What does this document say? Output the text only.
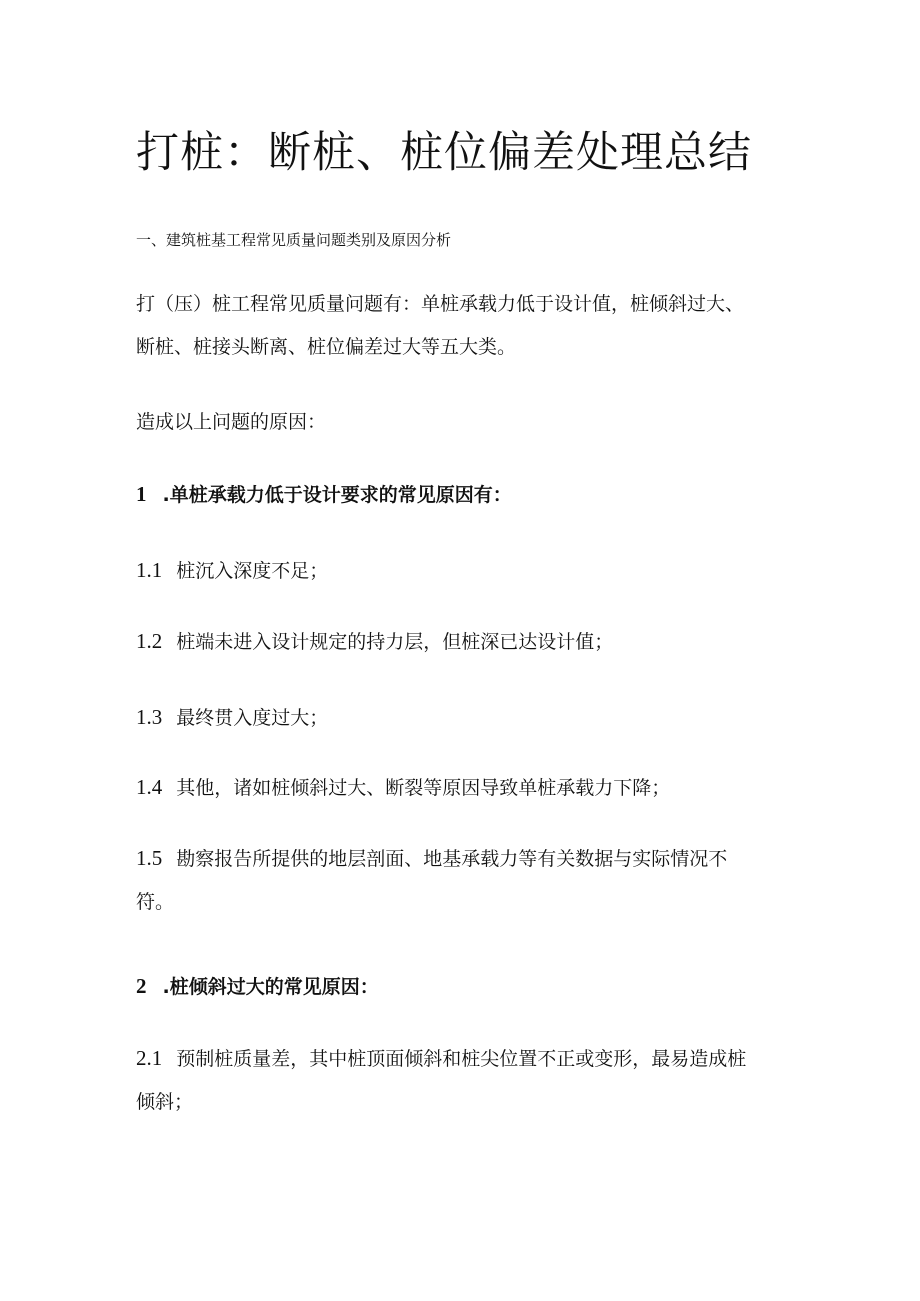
打桩：断桩、桩位偏差处理总结
一、建筑桩基工程常见质量问题类别及原因分析
打（压）桩工程常见质量问题有：单桩承载力低于设计值，桩倾斜过大、
断桩、桩接头断离、桩位偏差过大等五大类。
造成以上问题的原因：
1 .单桩承载力低于设计要求的常见原因有：
1.1 桩沉入深度不足；
1.2 桩端未进入设计规定的持力层，但桩深已达设计值；
1.3 最终贯入度过大；
1.4 其他，诸如桩倾斜过大、断裂等原因导致单桩承载力下降；
1.5 勘察报告所提供的地层剖面、地基承载力等有关数据与实际情况不
符。
2 .桩倾斜过大的常见原因：
2.1 预制桩质量差，其中桩顶面倾斜和桩尖位置不正或变形，最易造成桩
倾斜；
